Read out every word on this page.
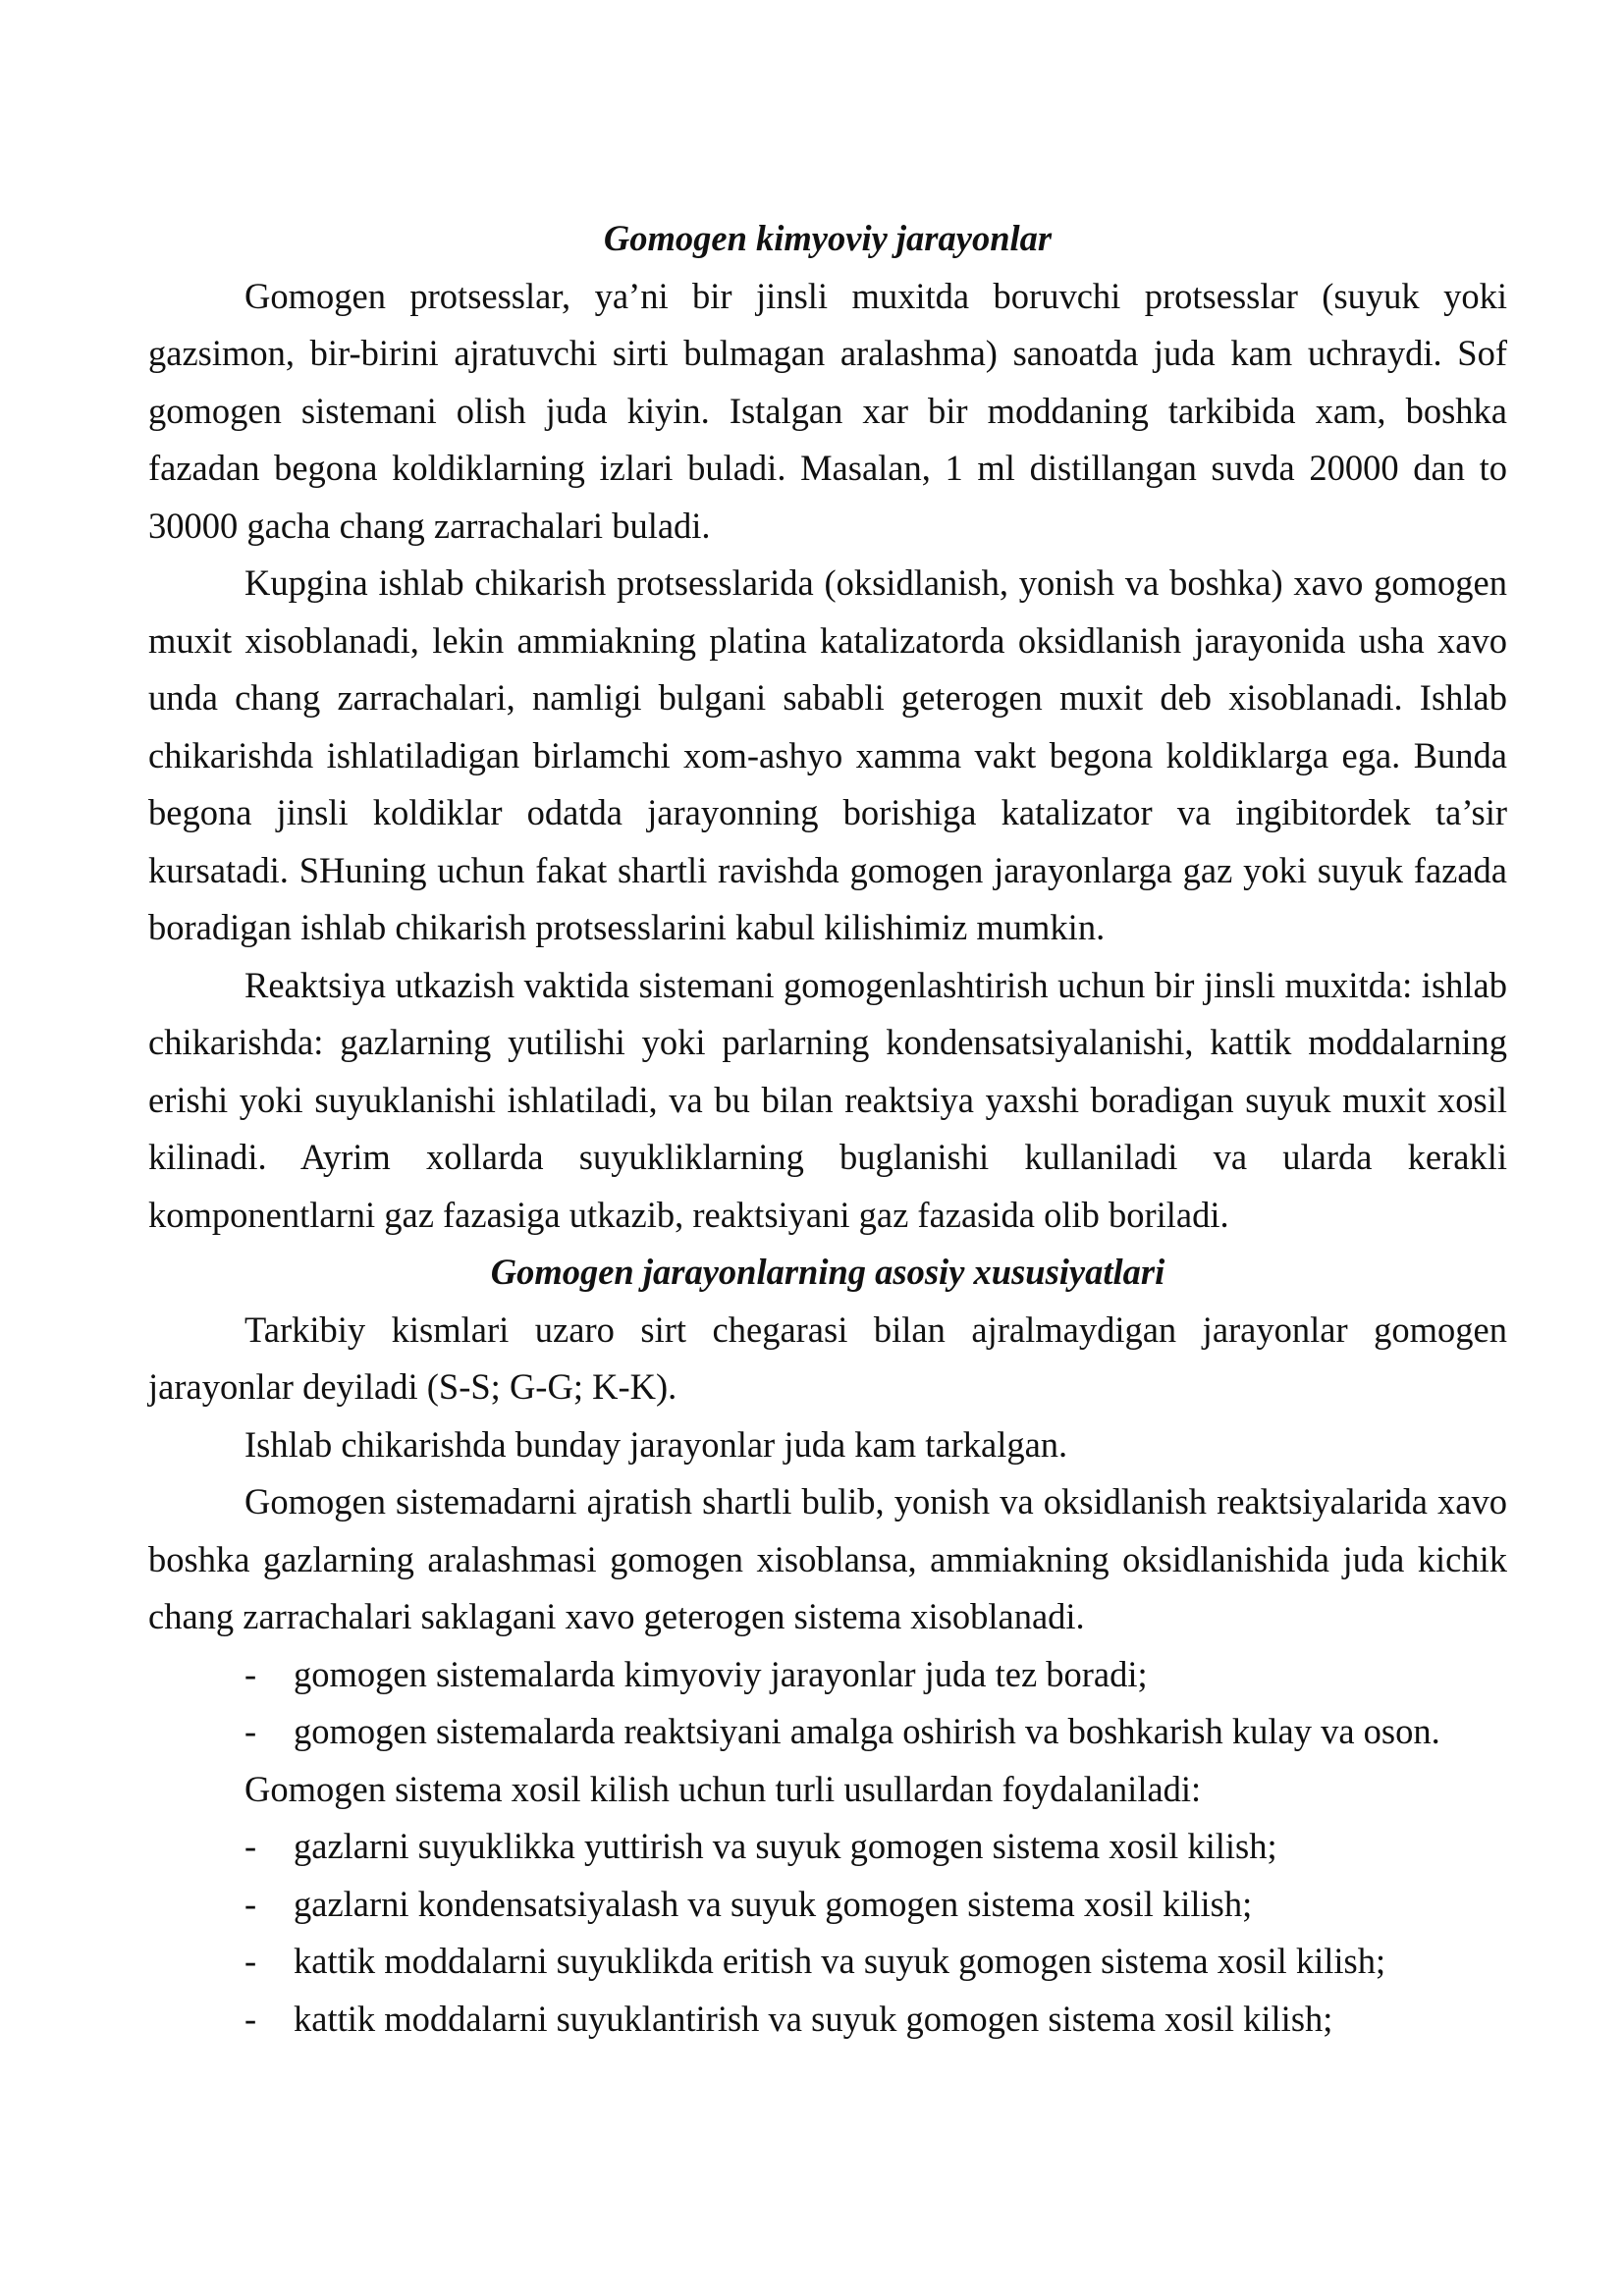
Gomogen kimyoviy jarayonlar

Gomogen protsesslar, ya’ni bir jinsli muxitda boruvchi protsesslar (suyuk yoki gazsimon, bir-birini ajratuvchi sirti bulmagan aralashma) sanoatda juda kam uchraydi. Sof gomogen sistemani olish juda kiyin. Istalgan xar bir moddaning tarkibida xam, boshka fazadan begona koldiklarning izlari buladi. Masalan, 1 ml distillangan suvda 20000 dan to 30000 gacha chang zarrachalari buladi.

Kupgina ishlab chikarish protsesslarida (oksidlanish, yonish va boshka) xavo gomogen muxit xisoblanadi, lekin ammiakning platina katalizatorda oksidlanish jarayonida usha xavo unda chang zarrachalari, namligi bulgani sababli geterogen muxit deb xisoblanadi. Ishlab chikarishda ishlatiladigan birlamchi xom-ashyo xamma vakt begona koldiklarga ega. Bunda begona jinsli koldiklar odatda jarayonning borishiga katalizator va ingibitordek ta’sir kursatadi. SHuning uchun fakat shartli ravishda gomogen jarayonlarga gaz yoki suyuk fazada boradigan ishlab chikarish protsesslarini kabul kilishimiz mumkin.

Reaktsiya utkazish vaktida sistemani gomogenlashtirish uchun bir jinsli muxitda: ishlab chikarishda: gazlarning yutilishi yoki parlarning kondensatsiyalanishi, kattik moddalarning erishi yoki suyuklanishi ishlatiladi, va bu bilan reaktsiya yaxshi boradigan suyuk muxit xosil kilinadi. Ayrim xollarda suyukliklarning buglanishi kullaniladi va ularda kerakli komponentlarni gaz fazasiga utkazib, reaktsiyani gaz fazasida olib boriladi.

Gomogen jarayonlarning asosiy xususiyatlari

Tarkibiy kismlari uzaro sirt chegarasi bilan ajralmaydigan jarayonlar gomogen jarayonlar deyiladi (S-S; G-G; K-K).

Ishlab chikarishda bunday jarayonlar juda kam tarkalgan.

Gomogen sistemadarni ajratish shartli bulib, yonish va oksidlanish reaktsiyalarida xavo boshka gazlarning aralashmasi gomogen xisoblansa, ammiakning oksidlanishida juda kichik chang zarrachalari saklagani xavo geterogen sistema xisoblanadi.

- gomogen sistemalarda kimyoviy jarayonlar juda tez boradi;
- gomogen sistemalarda reaktsiyani amalga oshirish va boshkarish kulay va oson.

Gomogen sistema xosil kilish uchun turli usullardan foydalaniladi:

- gazlarni suyuklikka yuttirish va suyuk gomogen sistema xosil kilish;
- gazlarni kondensatsiyalash va suyuk gomogen sistema xosil kilish;
- kattik moddalarni suyuklikda eritish va suyuk gomogen sistema xosil kilish;
- kattik moddalarni suyuklantirish va suyuk gomogen sistema xosil kilish;
